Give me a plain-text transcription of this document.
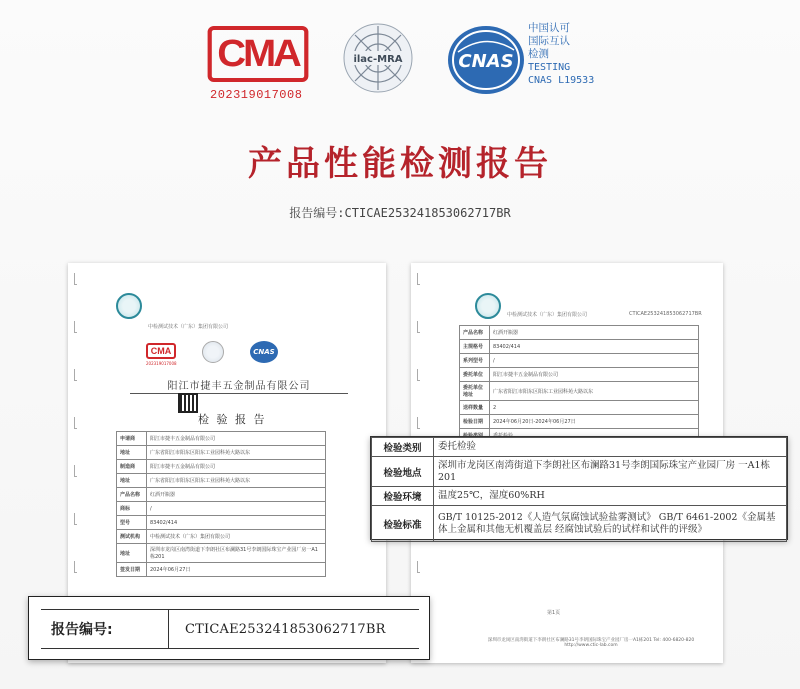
CMA
202319017008
ilac-MRA	CNAS
中国认可
国际互认
检测
TESTING
CNAS L19533
产品性能检测报告
报告编号:CTICAE253241853062717BR
中检测试技术（广东）集团有限公司
CMA
202319017008
CNAS
阳江市捷丰五金制品有限公司
检 验 报 告
申请商	阳江市捷丰五金制品有限公司
地址	广东省阳江市阳东区阳东工业园科苑大路以东
制造商	阳江市捷丰五金制品有限公司
地址	广东省阳江市阳东区阳东工业园科苑大路以东
产品名称	红酒开瓶器
商标	/
型号	83402/414
测试机构	中检测试技术（广东）集团有限公司
地址	深圳市龙岗区南湾街道下李朗社区布澜路31号李朗国际珠宝产业园厂房一A1栋201
签发日期	2024年06月27日
中检测试技术（广东）集团有限公司	CTICAE253241853062717BR
产品名称	红酒开瓶器
主规格号	83402/414
系列型号	/
委托单位	阳江市捷丰五金制品有限公司
委托单位地址	广东省阳江市阳东区阳东工业园科苑大路以东
送样数量	2
检验日期	2024年06月20日-2024年06月27日

第1页
深圳市龙岗区南湾街道下李朗社区布澜路31号李朗国际珠宝产业园厂房一A1栋201 Tel: 400-6820-820 http://www.ctic-lab.com
检验类别	委托检验
检验地点	深圳市龙岗区南湾街道下李朗社区布澜路31号李朗国际珠宝产业园厂房 一A1栋201
检验环境	温度25℃，湿度60%RH
检验标准	GB/T 10125-2012《人造气氛腐蚀试验盐雾测试》 GB/T 6461-2002《金属基体上金属和其他无机覆盖层 经腐蚀试验后的试样和试件的评级》
报告编号:	CTICAE2532418530627​17BR
